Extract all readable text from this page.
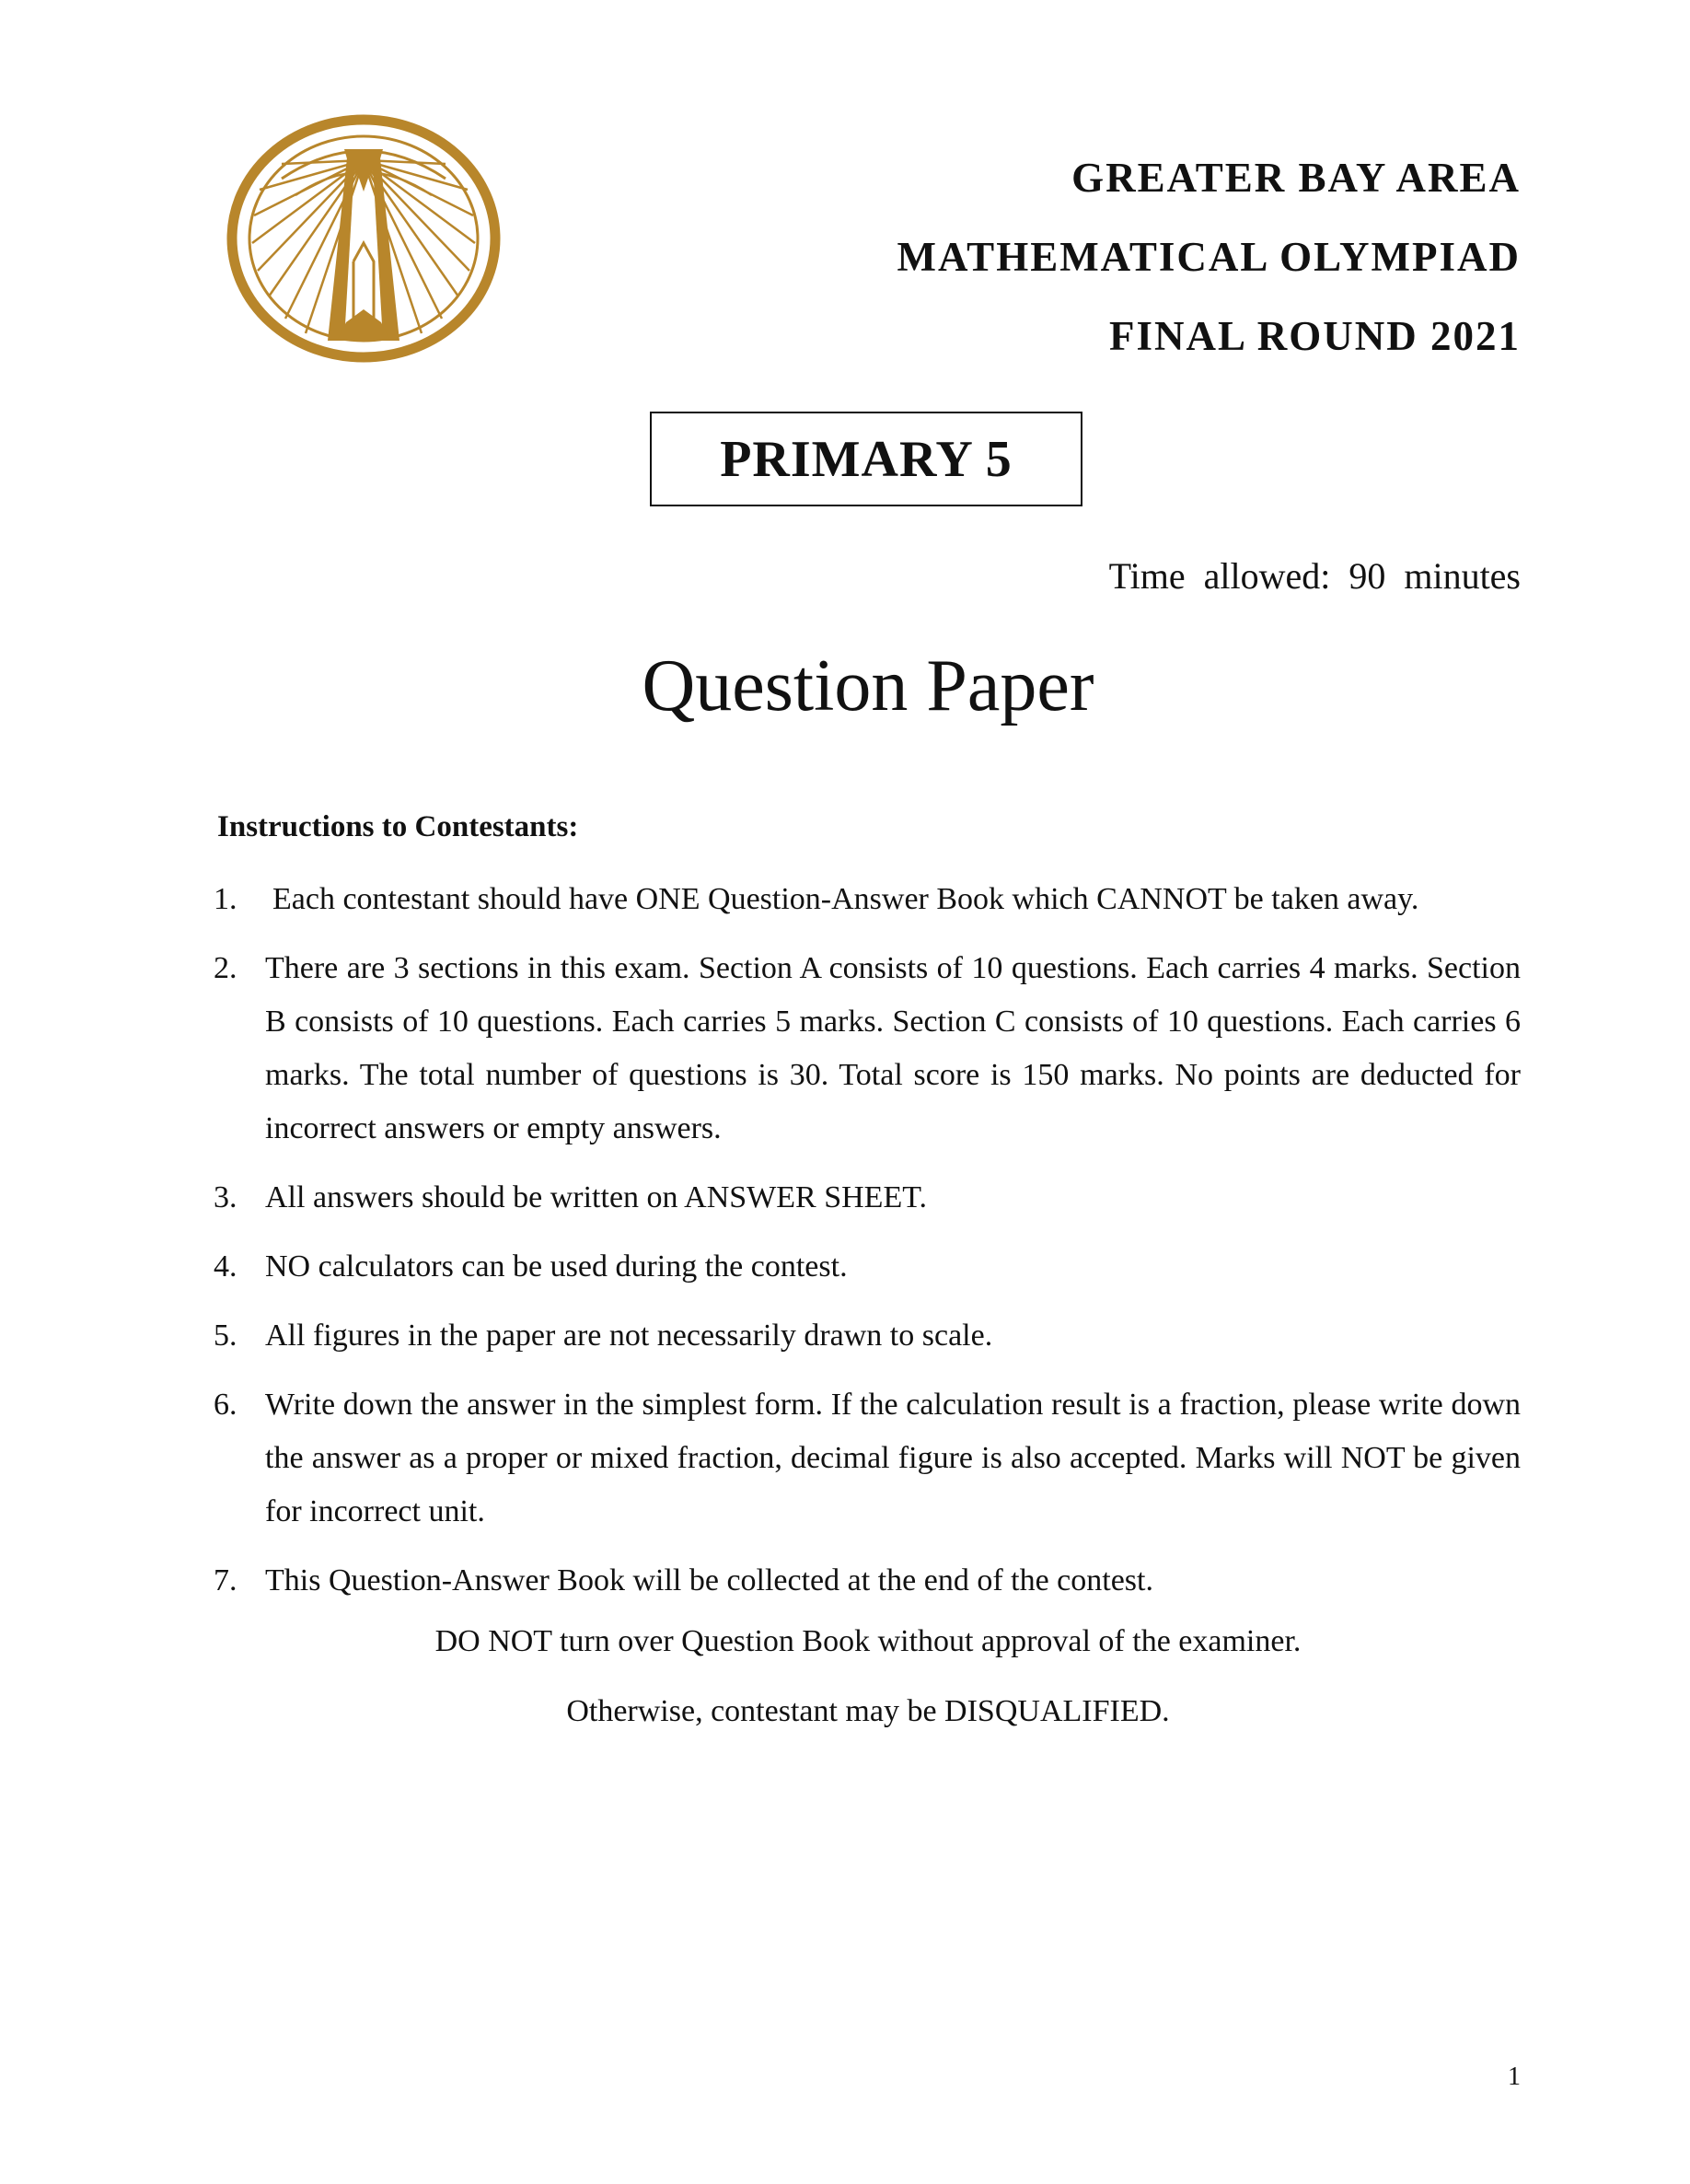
GREATER BAY AREA
MATHEMATICAL OLYMPIAD
FINAL ROUND 2021
PRIMARY 5
Time allowed: 90 minutes
Question Paper
Instructions to Contestants:
1.	Each contestant should have ONE Question-Answer Book which CANNOT be taken away.
2. There are 3 sections in this exam. Section A consists of 10 questions. Each carries 4 marks. Section B consists of 10 questions. Each carries 5 marks. Section C consists of 10 questions. Each carries 6 marks. The total number of questions is 30. Total score is 150 marks. No points are deducted for incorrect answers or empty answers.
3. All answers should be written on ANSWER SHEET.
4. NO calculators can be used during the contest.
5. All figures in the paper are not necessarily drawn to scale.
6. Write down the answer in the simplest form. If the calculation result is a fraction, please write down the answer as a proper or mixed fraction, decimal figure is also accepted. Marks will NOT be given for incorrect unit.
7. This Question-Answer Book will be collected at the end of the contest.
DO NOT turn over Question Book without approval of the examiner.
Otherwise, contestant may be DISQUALIFIED.
1
